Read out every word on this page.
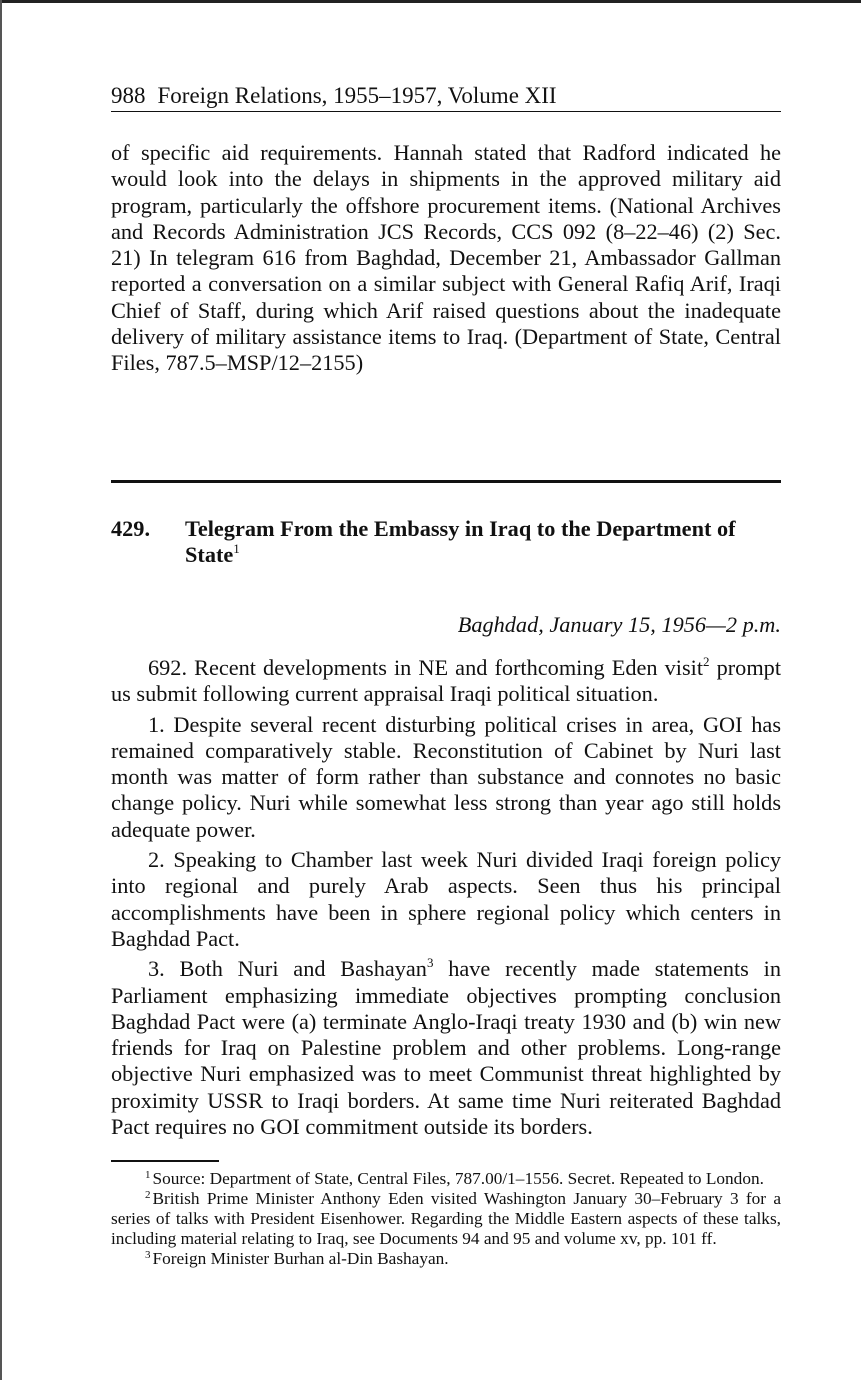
988 Foreign Relations, 1955–1957, Volume XII

of specific aid requirements. Hannah stated that Radford indicated he would look into the delays in shipments in the approved military aid program, particularly the offshore procurement items. (National Archives and Records Administration JCS Records, CCS 092 (8–22–46) (2) Sec. 21) In telegram 616 from Baghdad, December 21, Ambassador Gallman reported a conversation on a similar subject with General Rafiq Arif, Iraqi Chief of Staff, during which Arif raised questions about the inadequate delivery of military assistance items to Iraq. (Department of State, Central Files, 787.5–MSP/12–2155)

429. Telegram From the Embassy in Iraq to the Department of State$^1$
Baghdad, January 15, 1956—2 p.m.

692. Recent developments in NE and forthcoming Eden visit$^2$ prompt us submit following current appraisal Iraqi political situation.

1. Despite several recent disturbing political crises in area, GOI has remained comparatively stable. Reconstitution of Cabinet by Nuri last month was matter of form rather than substance and connotes no basic change policy. Nuri while somewhat less strong than year ago still holds adequate power.

2. Speaking to Chamber last week Nuri divided Iraqi foreign policy into regional and purely Arab aspects. Seen thus his principal accomplishments have been in sphere regional policy which centers in Baghdad Pact.

3. Both Nuri and Bashayan$^3$ have recently made statements in Parliament emphasizing immediate objectives prompting conclusion Baghdad Pact were (a) terminate Anglo-Iraqi treaty 1930 and (b) win new friends for Iraq on Palestine problem and other problems. Long-range objective Nuri emphasized was to meet Communist threat highlighted by proximity USSR to Iraqi borders. At same time Nuri reiterated Baghdad Pact requires no GOI commitment outside its borders.

$^1$ Source: Department of State, Central Files, 787.00/1–1556. Secret. Repeated to London.

$^2$ British Prime Minister Anthony Eden visited Washington January 30–February 3 for a series of talks with President Eisenhower. Regarding the Middle Eastern aspects of these talks, including material relating to Iraq, see Documents 94 and 95 and volume xv, pp. 101 ff.

$^3$ Foreign Minister Burhan al-Din Bashayan.
